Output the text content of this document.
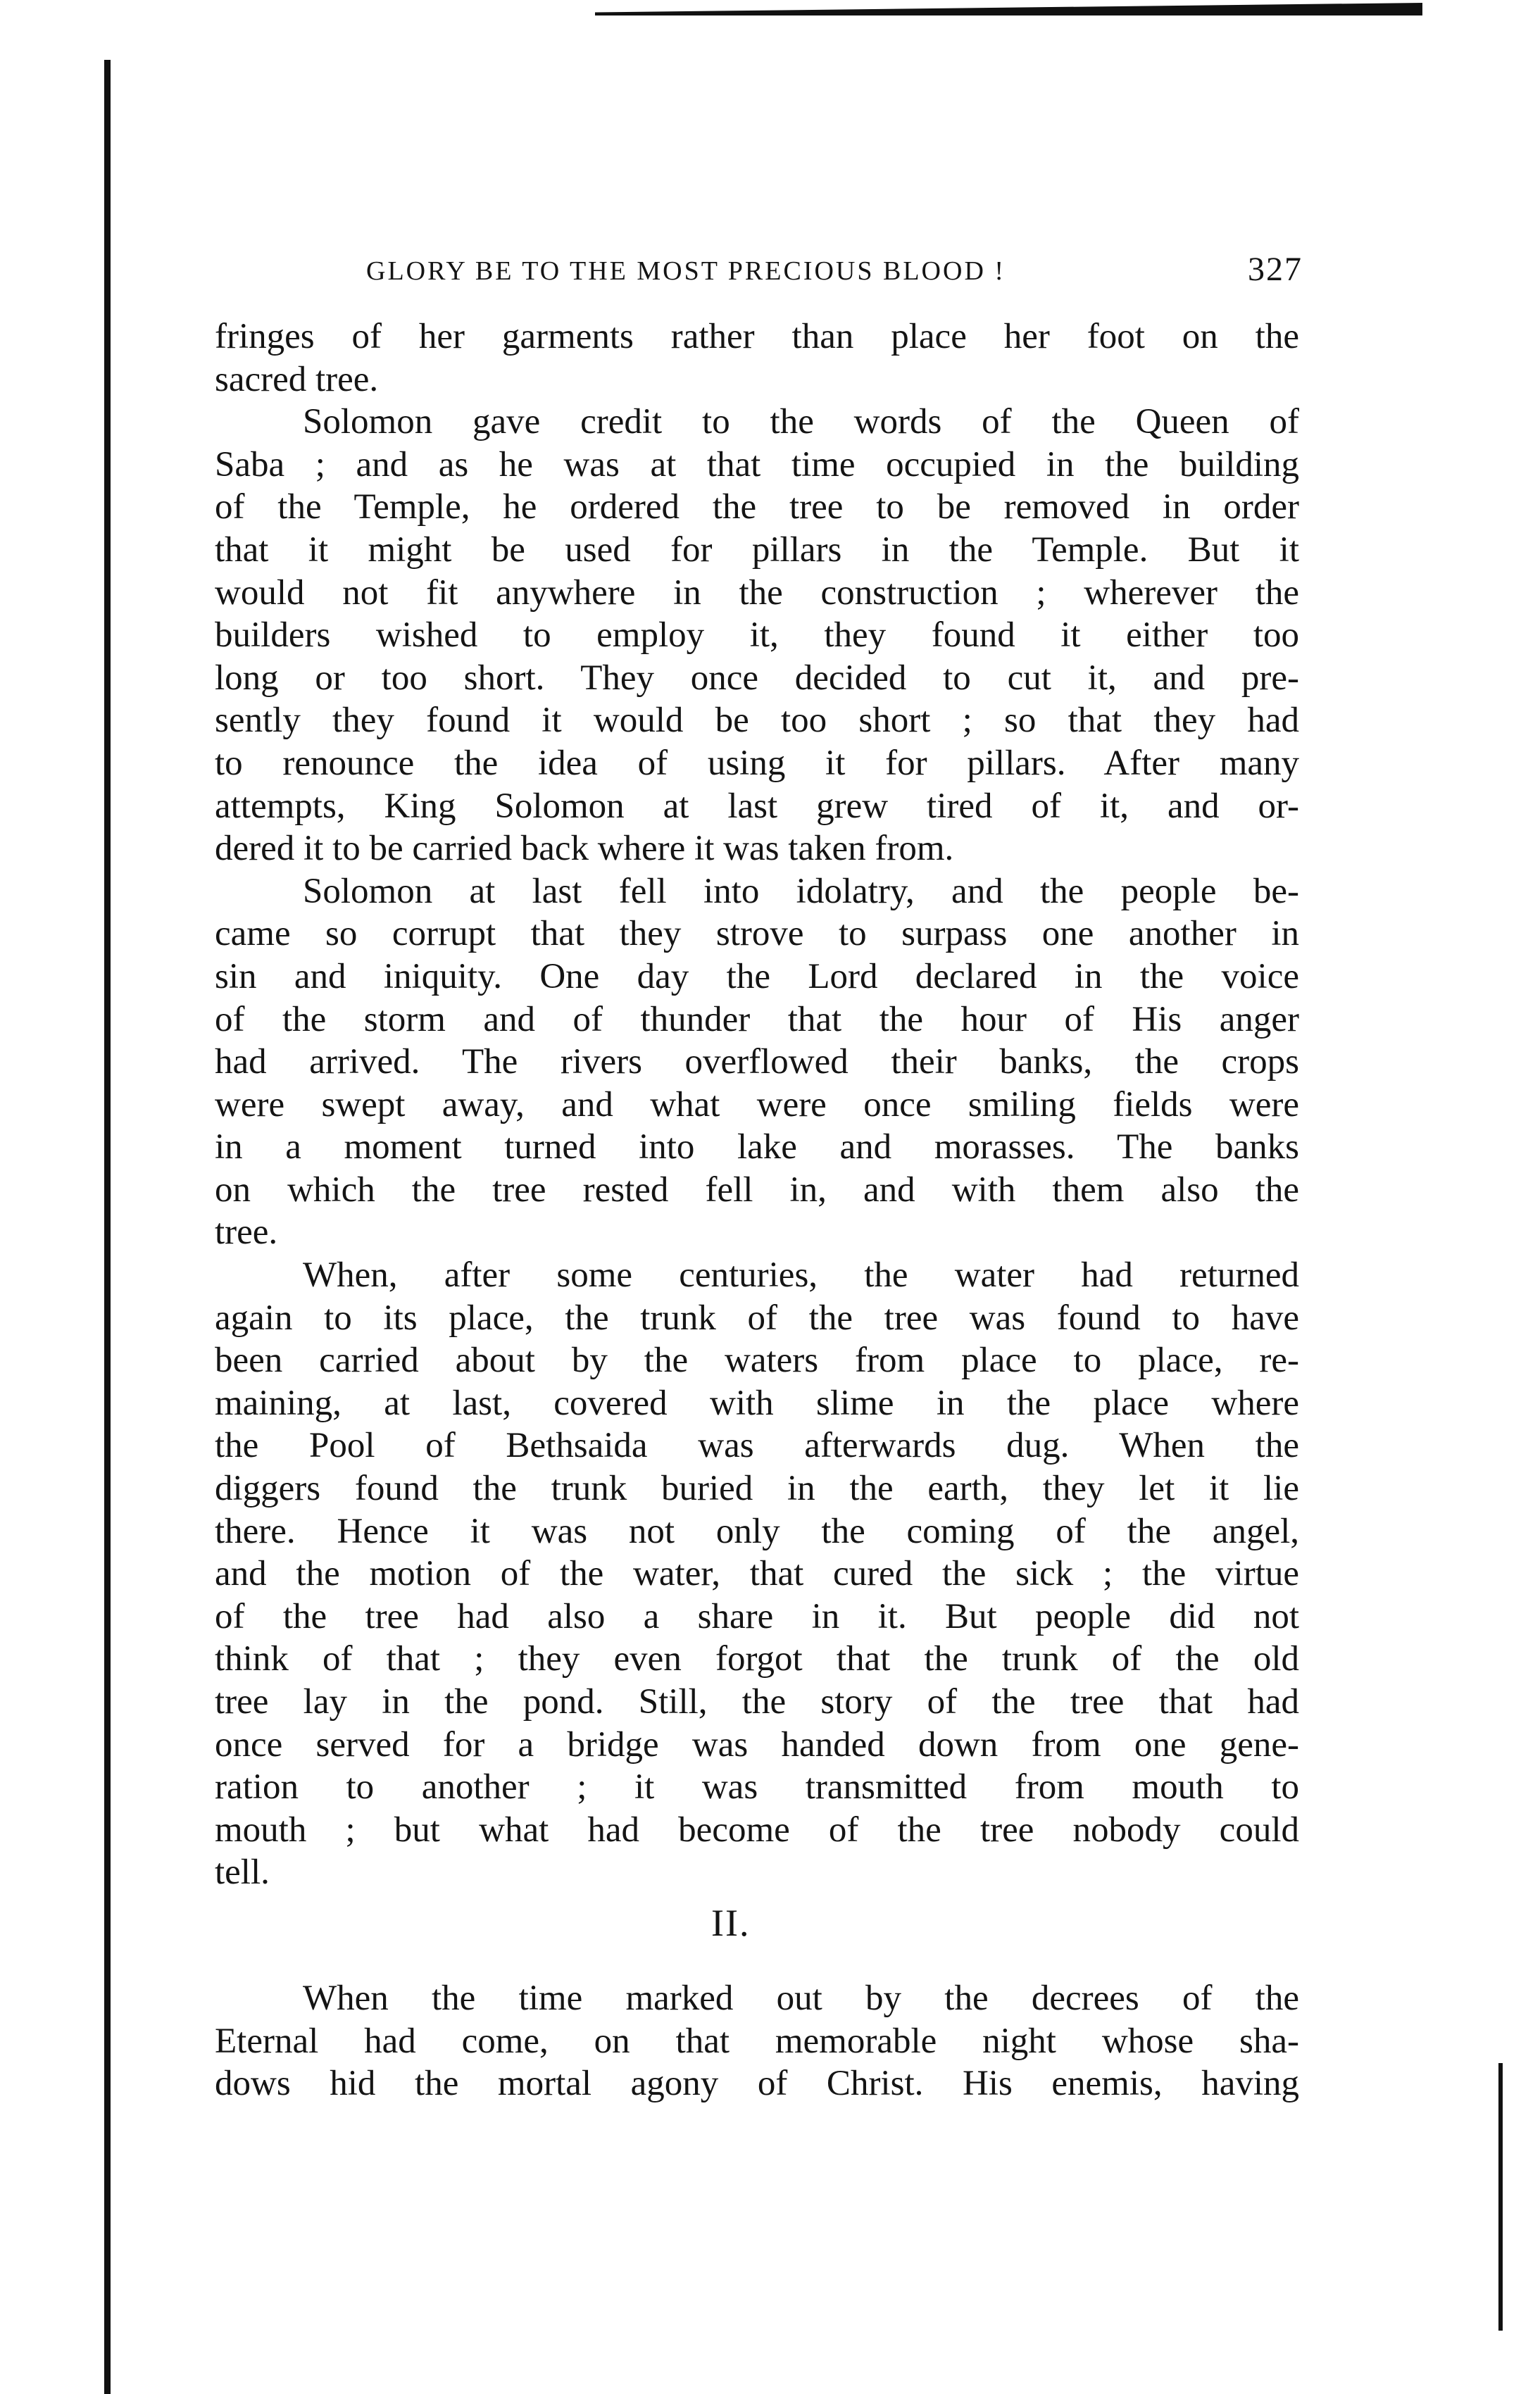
GLORY BE TO THE MOST PRECIOUS BLOOD !	327
fringes of her garments rather than place her foot on the
sacred tree.
Solomon gave credit to the words of the Queen of
Saba ; and as he was at that time occupied in the building
of the Temple, he ordered the tree to be removed in order
that it might be used for pillars in the Temple. But it
would not fit anywhere in the construction ; wherever the
builders wished to employ it, they found it either too
long or too short. They once decided to cut it, and pre-
sently they found it would be too short ; so that they had
to renounce the idea of using it for pillars. After many
attempts, King Solomon at last grew tired of it, and or-
dered it to be carried back where it was taken from.
Solomon at last fell into idolatry, and the people be-
came so corrupt that they strove to surpass one another in
sin and iniquity. One day the Lord declared in the voice
of the storm and of thunder that the hour of His anger
had arrived. The rivers overflowed their banks, the crops
were swept away, and what were once smiling fields were
in a moment turned into lake and morasses. The banks
on which the tree rested fell in, and with them also the
tree.
When, after some centuries, the water had returned
again to its place, the trunk of the tree was found to have
been carried about by the waters from place to place, re-
maining, at last, covered with slime in the place where
the Pool of Bethsaida was afterwards dug. When the
diggers found the trunk buried in the earth, they let it lie
there. Hence it was not only the coming of the angel,
and the motion of the water, that cured the sick ; the virtue
of the tree had also a share in it. But people did not
think of that ; they even forgot that the trunk of the old
tree lay in the pond. Still, the story of the tree that had
once served for a bridge was handed down from one gene-
ration to another ; it was transmitted from mouth to
mouth ; but what had become of the tree nobody could
tell.
II.
When the time marked out by the decrees of the
Eternal had come, on that memorable night whose sha-
dows hid the mortal agony of Christ. His enemis, having
